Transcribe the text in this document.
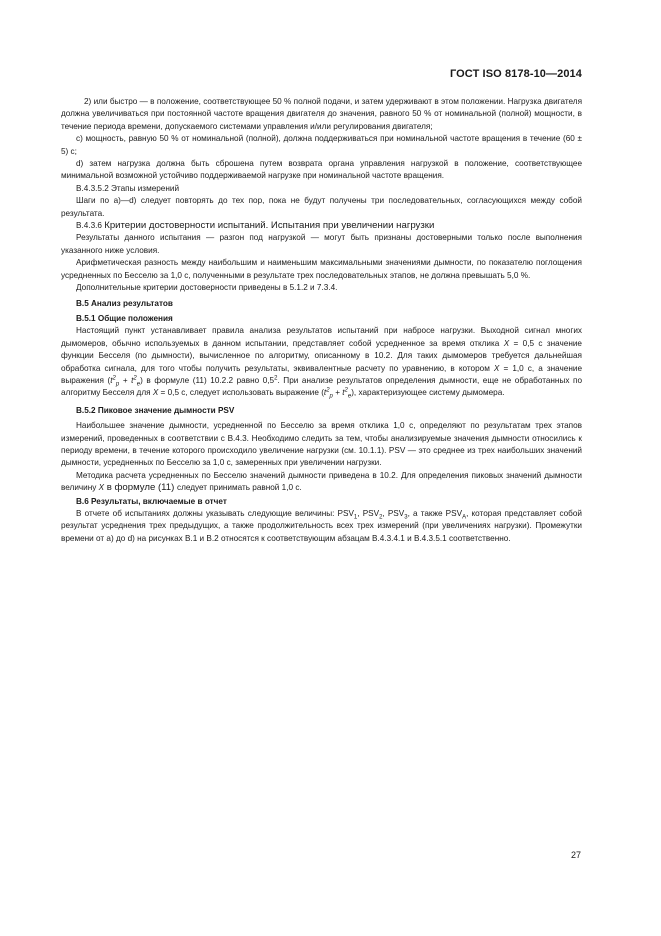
ГОСТ ISO 8178-10—2014

2) или быстро — в положение, соответствующее 50 % полной подачи, и затем удерживают в этом положении. Нагрузка двигателя должна увеличиваться при постоянной частоте вращения двигателя до значения, равного 50 % от номинальной (полной) мощности, в течение периода времени, допускаемого системами управления и/или регулирования двигателя;

c) мощность, равную 50 % от номинальной (полной), должна поддерживаться при номинальной частоте вращения в течение (60 ± 5) с;

d) затем нагрузка должна быть сброшена путем возврата органа управления нагрузкой в положение, соответствующее минимальной возможной устойчиво поддерживаемой нагрузке при номинальной частоте вращения.

B.4.3.5.2 Этапы измерений

Шаги по a)—d) следует повторять до тех пор, пока не будут получены три последовательных, согласующихся между собой результата.

B.4.3.6 Критерии достоверности испытаний. Испытания при увеличении нагрузки

Результаты данного испытания — разгон под нагрузкой — могут быть признаны достоверными только после выполнения указанного ниже условия.

Арифметическая разность между наибольшим и наименьшим максимальными значениями дымности, по показателю поглощения усредненных по Бесселю за 1,0 с, полученными в результате трех последовательных этапов, не должна превышать 5,0 %.

Дополнительные критерии достоверности приведены в 5.1.2 и 7.3.4.

B.5 Анализ результатов

B.5.1 Общие положения

Настоящий пункт устанавливает правила анализа результатов испытаний при набросе нагрузки. Выходной сигнал многих дымомеров, обычно используемых в данном испытании, представляет собой усредненное за время отклика X = 0,5 с значение функции Бесселя (по дымности), вычисленное по алгоритму, описанному в 10.2. Для таких дымомеров требуется дальнейшая обработка сигнала, для того чтобы получить результаты, эквивалентные расчету по уравнению, в котором X = 1,0 с, а значение выражения $(t^2_p + t^2_e)$ в формуле (11) 10.2.2 равно $0,5^2$. При анализе результатов определения дымности, еще не обработанных по алгоритму Бесселя для X = 0,5 с, следует использовать выражение $(t^2_p + t^2_e)$, характеризующее систему дымомера.

B.5.2 Пиковое значение дымности PSV

Наибольшее значение дымности, усредненной по Бесселю за время отклика 1,0 с, определяют по результатам трех этапов измерений, проведенных в соответствии с B.4.3. Необходимо следить за тем, чтобы анализируемые значения дымности относились к периоду времени, в течение которого происходило увеличение нагрузки (см. 10.1.1). PSV — это среднее из трех наибольших значений дымности, усредненных по Бесселю за 1,0 с, замеренных при увеличении нагрузки.

Методика расчета усредненных по Бесселю значений дымности приведена в 10.2. Для определения пиковых значений дымности величину X в формуле (11) следует принимать равной 1,0 с.

B.6 Результаты, включаемые в отчет

В отчете об испытаниях должны указывать следующие величины: $PSV_1$, $PSV_2$, $PSV_3$, а также $PSV_A$, которая представляет собой результат усреднения трех предыдущих, а также продолжительность всех трех измерений (при увеличениях нагрузки). Промежутки времени от a) до d) на рисунках B.1 и B.2 относятся к соответствующим абзацам B.4.3.4.1 и B.4.3.5.1 соответственно.

27
